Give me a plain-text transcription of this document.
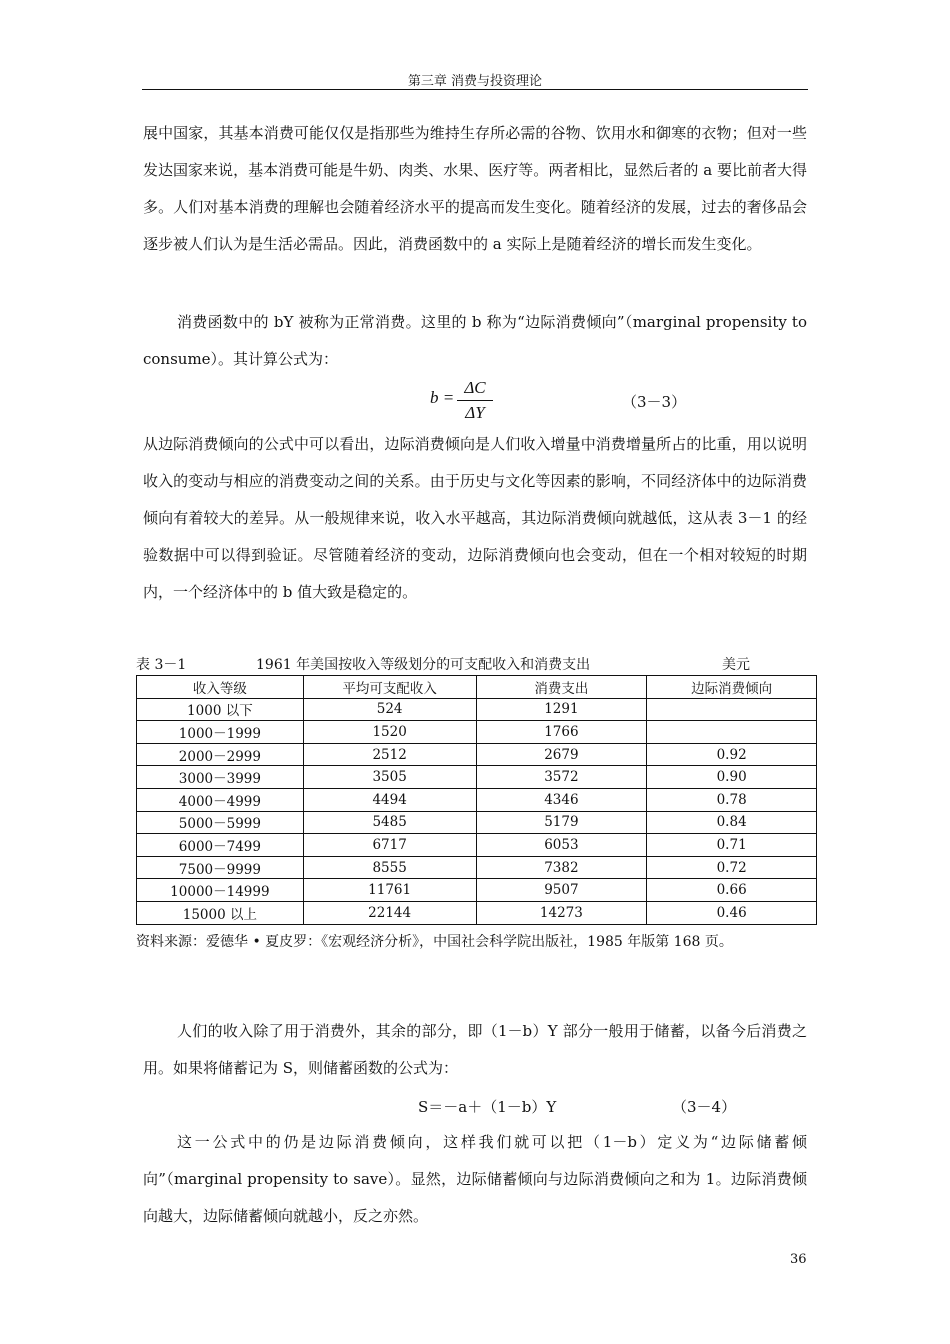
第三章 消费与投资理论
展中国家，其基本消费可能仅仅是指那些为维持生存所必需的谷物、饮用水和御寒的衣物；但对一些发达国家来说，基本消费可能是牛奶、肉类、水果、医疗等。两者相比，显然后者的 a 要比前者大得多。人们对基本消费的理解也会随着经济水平的提高而发生变化。随着经济的发展，过去的奢侈品会逐步被人们认为是生活必需品。因此，消费函数中的 a 实际上是随着经济的增长而发生变化。
消费函数中的 bY 被称为正常消费。这里的 b 称为“边际消费倾向”（marginal propensity to consume）。其计算公式为：
b =
ΔC
ΔY
（3－3）
从边际消费倾向的公式中可以看出，边际消费倾向是人们收入增量中消费增量所占的比重，用以说明收入的变动与相应的消费变动之间的关系。由于历史与文化等因素的影响，不同经济体中的边际消费倾向有着较大的差异。从一般规律来说，收入水平越高，其边际消费倾向就越低，这从表 3－1 的经验数据中可以得到验证。尽管随着经济的变动，边际消费倾向也会变动，但在一个相对较短的时期内，一个经济体中的 b 值大致是稳定的。
表 3－1	1961 年美国按收入等级划分的可支配收入和消费支出	美元
收入等级	平均可支配收入	消费支出	边际消费倾向
1000 以下	524	1291	
1000－1999	1520	1766	
2000－2999	2512	2679	0.92
3000－3999	3505	3572	0.90
4000－4999	4494	4346	0.78
5000－5999	5485	5179	0.84
6000－7499	6717	6053	0.71
7500－9999	8555	7382	0.72
10000－14999	11761	9507	0.66
15000 以上	22144	14273	0.46
资料来源：爱德华 • 夏皮罗：《宏观经济分析》，中国社会科学院出版社，1985 年版第 168 页。
人们的收入除了用于消费外，其余的部分，即（1－b）Y 部分一般用于储蓄，以备今后消费之用。如果将储蓄记为 S，则储蓄函数的公式为：
S＝－a＋（1－b）Y	（3－4）
这一公式中的仍是边际消费倾向，这样我们就可以把（1－b）定义为“边际储蓄倾向”（marginal propensity to save）。显然，边际储蓄倾向与边际消费倾向之和为 1。边际消费倾向越大，边际储蓄倾向就越小，反之亦然。
36
